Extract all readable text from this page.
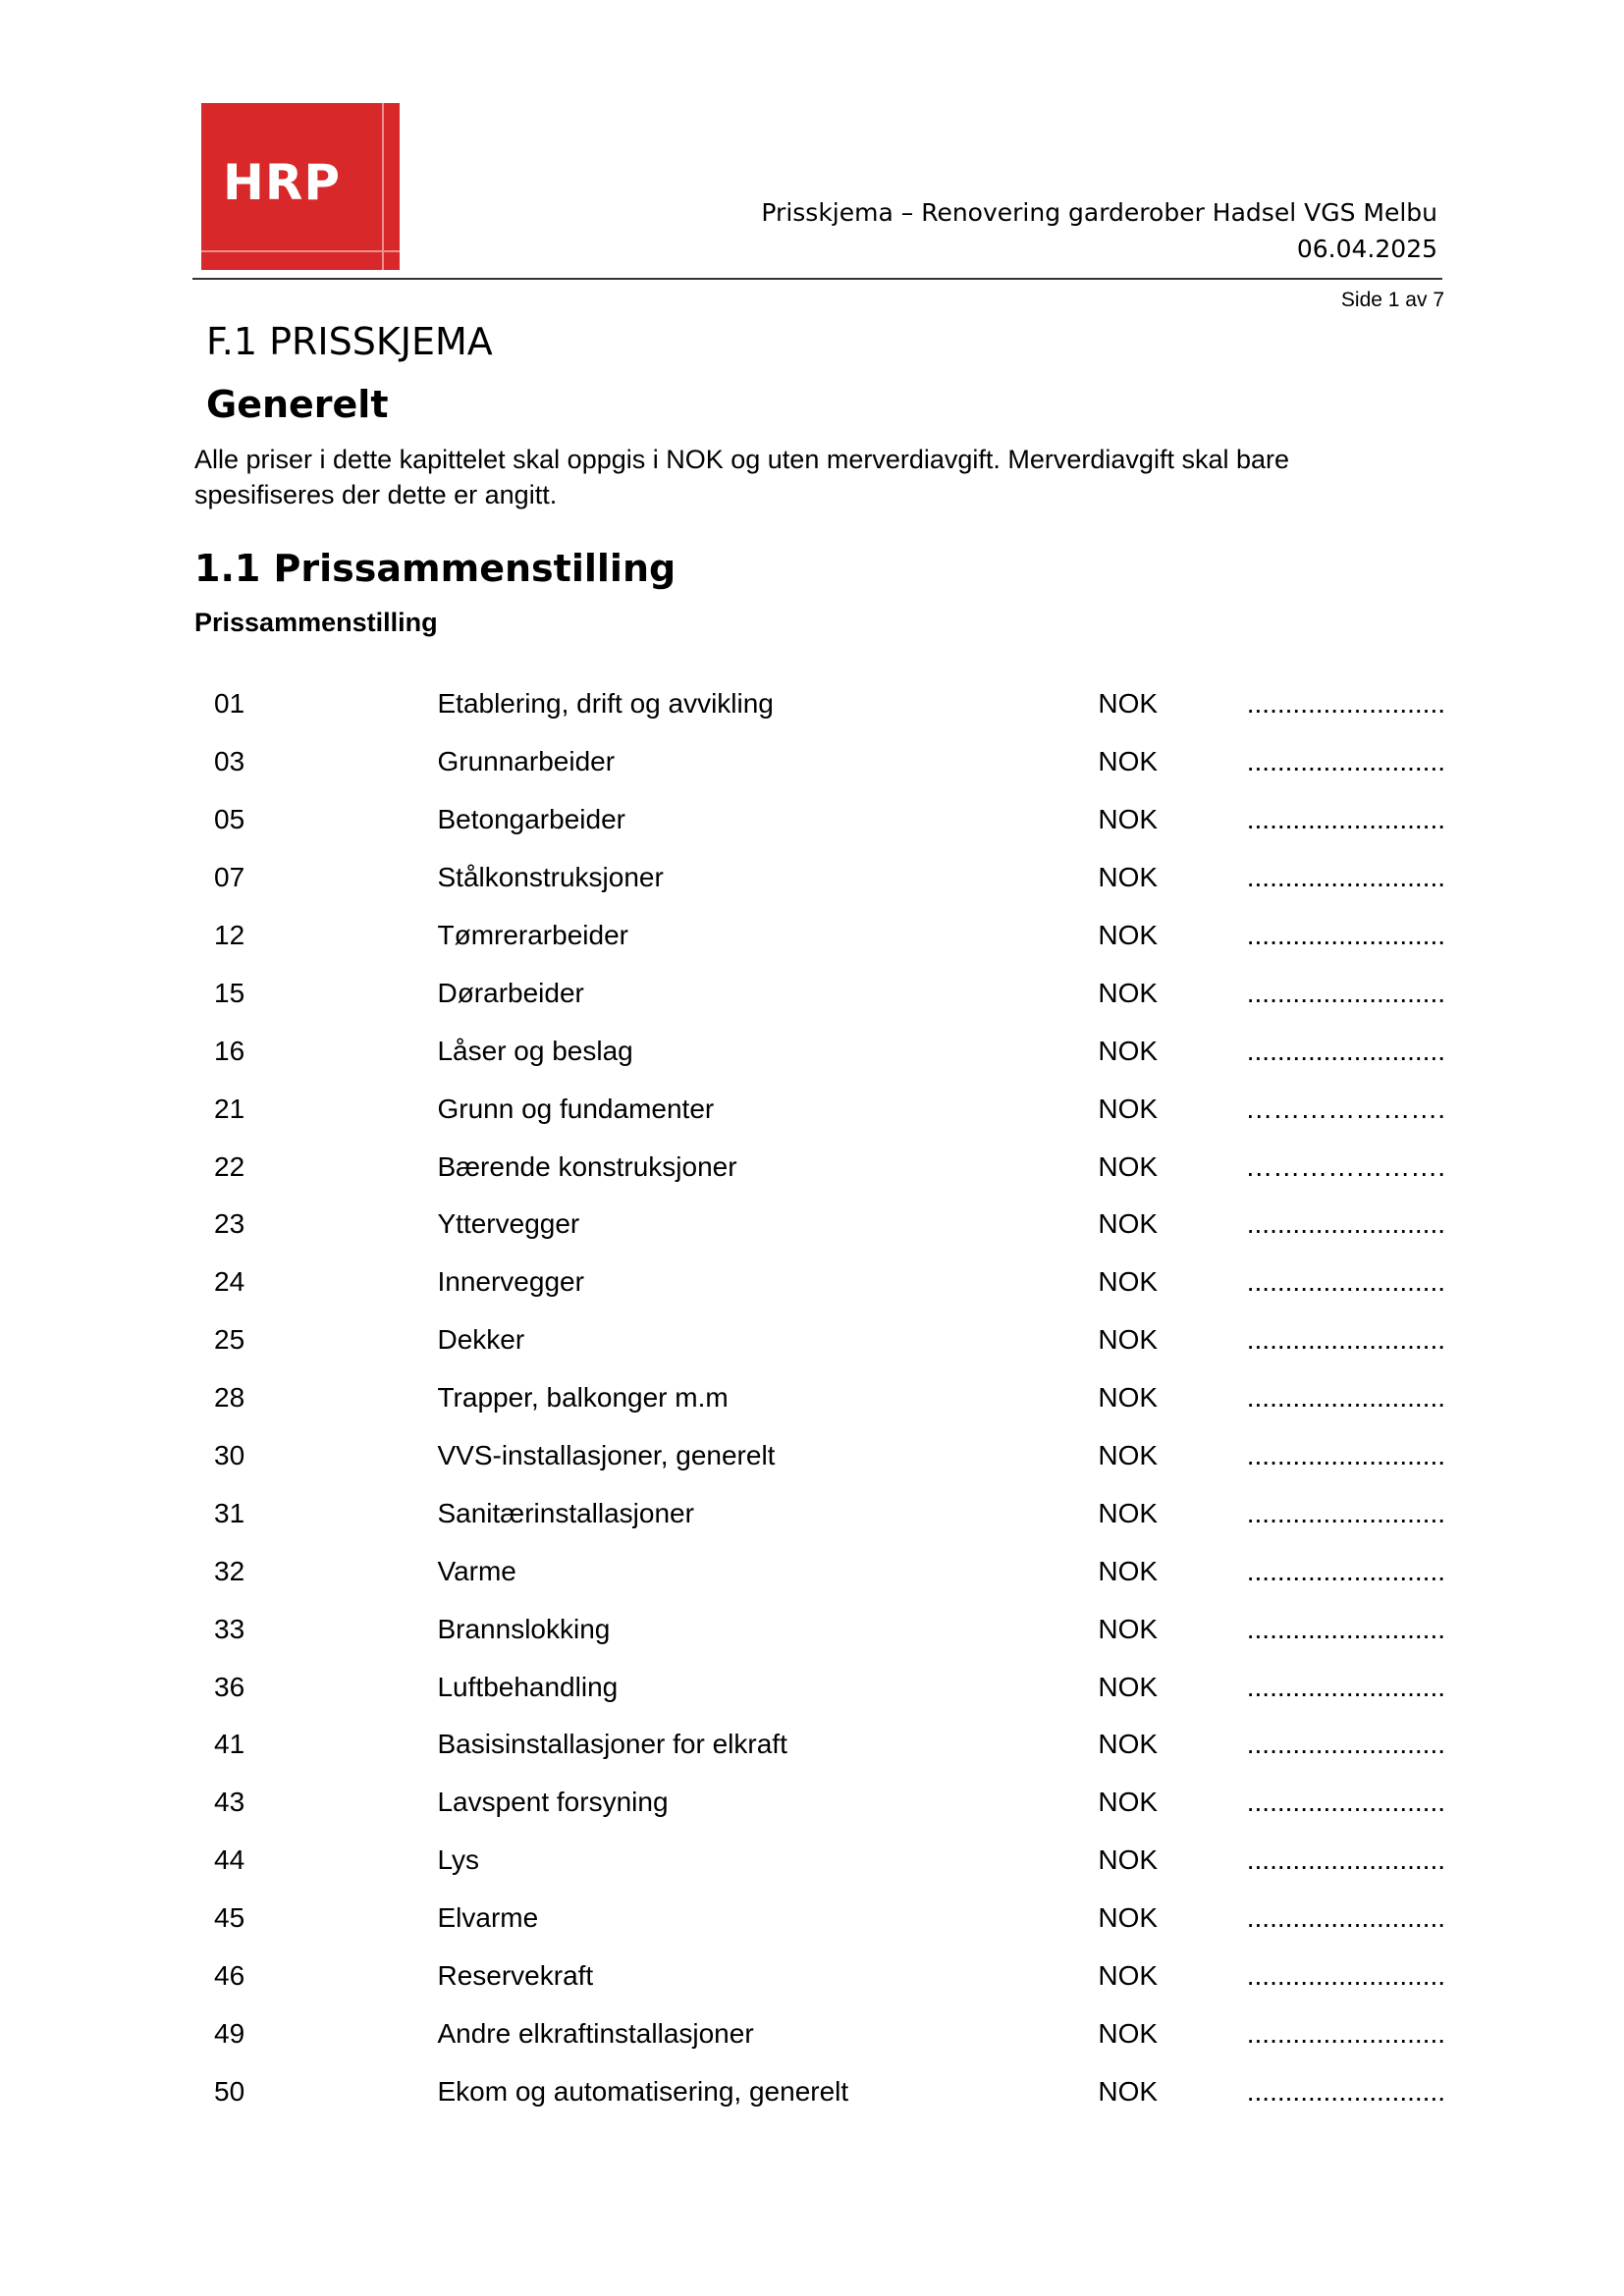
HRP
Prisskjema – Renovering garderober Hadsel VGS Melbu
06.04.2025
Side 1 av 7
F.1 PRISSKJEMA
Generelt

Alle priser i dette kapittelet skal oppgis i NOK og uten merverdiavgift. Merverdiavgift skal bare spesifiseres der dette er angitt.

1.1 Prissammenstilling
Prissammenstilling
01	Etablering, drift og avvikling	NOK	..........................
03	Grunnarbeider	NOK	..........................
05	Betongarbeider	NOK	..........................
07	Stålkonstruksjoner	NOK	..........................
12	Tømrerarbeider	NOK	..........................
15	Dørarbeider	NOK	..........................
16	Låser og beslag	NOK	..........................
21	Grunn og fundamenter	NOK	………………….
22	Bærende konstruksjoner	NOK	………………….
23	Yttervegger	NOK	..........................
24	Innervegger	NOK	..........................
25	Dekker	NOK	..........................
28	Trapper, balkonger m.m	NOK	..........................
30	VVS-installasjoner, generelt	NOK	..........................
31	Sanitærinstallasjoner	NOK	..........................
32	Varme	NOK	..........................
33	Brannslokking	NOK	..........................
36	Luftbehandling	NOK	..........................
41	Basisinstallasjoner for elkraft	NOK	..........................
43	Lavspent forsyning	NOK	..........................
44	Lys	NOK	..........................
45	Elvarme	NOK	..........................
46	Reservekraft	NOK	..........................
49	Andre elkraftinstallasjoner	NOK	..........................
50	Ekom og automatisering, generelt	NOK	..........................
